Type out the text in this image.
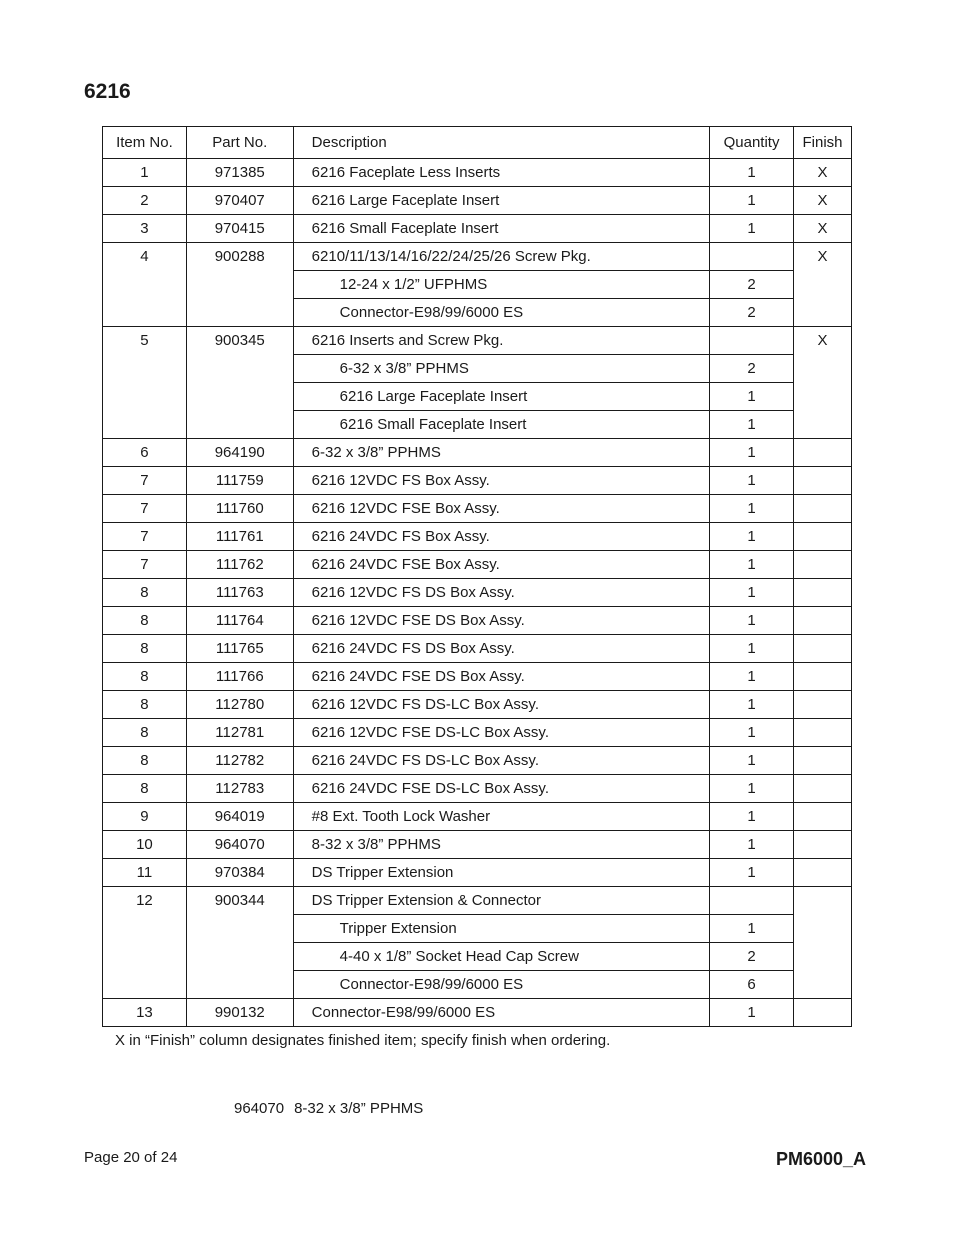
6216
Item No.	Part No.	Description	Quantity	Finish
1	971385	6216 Faceplate Less Inserts	1	X
2	970407	6216 Large Faceplate Insert	1	X
3	970415	6216 Small Faceplate Insert	1	X
4	900288	6210/11/13/14/16/22/24/25/26 Screw Pkg.		X
		12-24 x 1/2” UFPHMS	2	
		Connector-E98/99/6000 ES	2	
5	900345	6216 Inserts and Screw Pkg.		X
		6-32 x 3/8” PPHMS	2	
		6216 Large Faceplate Insert	1	
		6216 Small Faceplate Insert	1	
6	964190	6-32 x 3/8” PPHMS	1	
7	111759	6216 12VDC FS Box Assy.	1	
7	111760	6216 12VDC FSE Box Assy.	1	
7	111761	6216 24VDC FS Box Assy.	1	
7	111762	6216 24VDC FSE Box Assy.	1	
8	111763	6216 12VDC FS DS Box Assy.	1	
8	111764	6216 12VDC FSE DS Box Assy.	1	
8	111765	6216 24VDC FS DS Box Assy.	1	
8	111766	6216 24VDC FSE DS Box Assy.	1	
8	112780	6216 12VDC FS DS-LC Box Assy.	1	
8	112781	6216 12VDC FSE DS-LC Box Assy.	1	
8	112782	6216 24VDC FS DS-LC Box Assy.	1	
8	112783	6216 24VDC FSE DS-LC Box Assy.	1	
9	964019	#8 Ext. Tooth Lock Washer	1	
10	964070	8-32 x 3/8” PPHMS	1	
11	970384	DS Tripper Extension	1	
12	900344	DS Tripper Extension & Connector		
		Tripper Extension	1	
		4-40 x 1/8” Socket Head Cap Screw	2	
		Connector-E98/99/6000 ES	6	
13	990132	Connector-E98/99/6000 ES	1	
X in “Finish” column designates finished item; specify finish when ordering.
964070 8-32 x 3/8” PPHMS
Page 20 of 24	PM6000_A
